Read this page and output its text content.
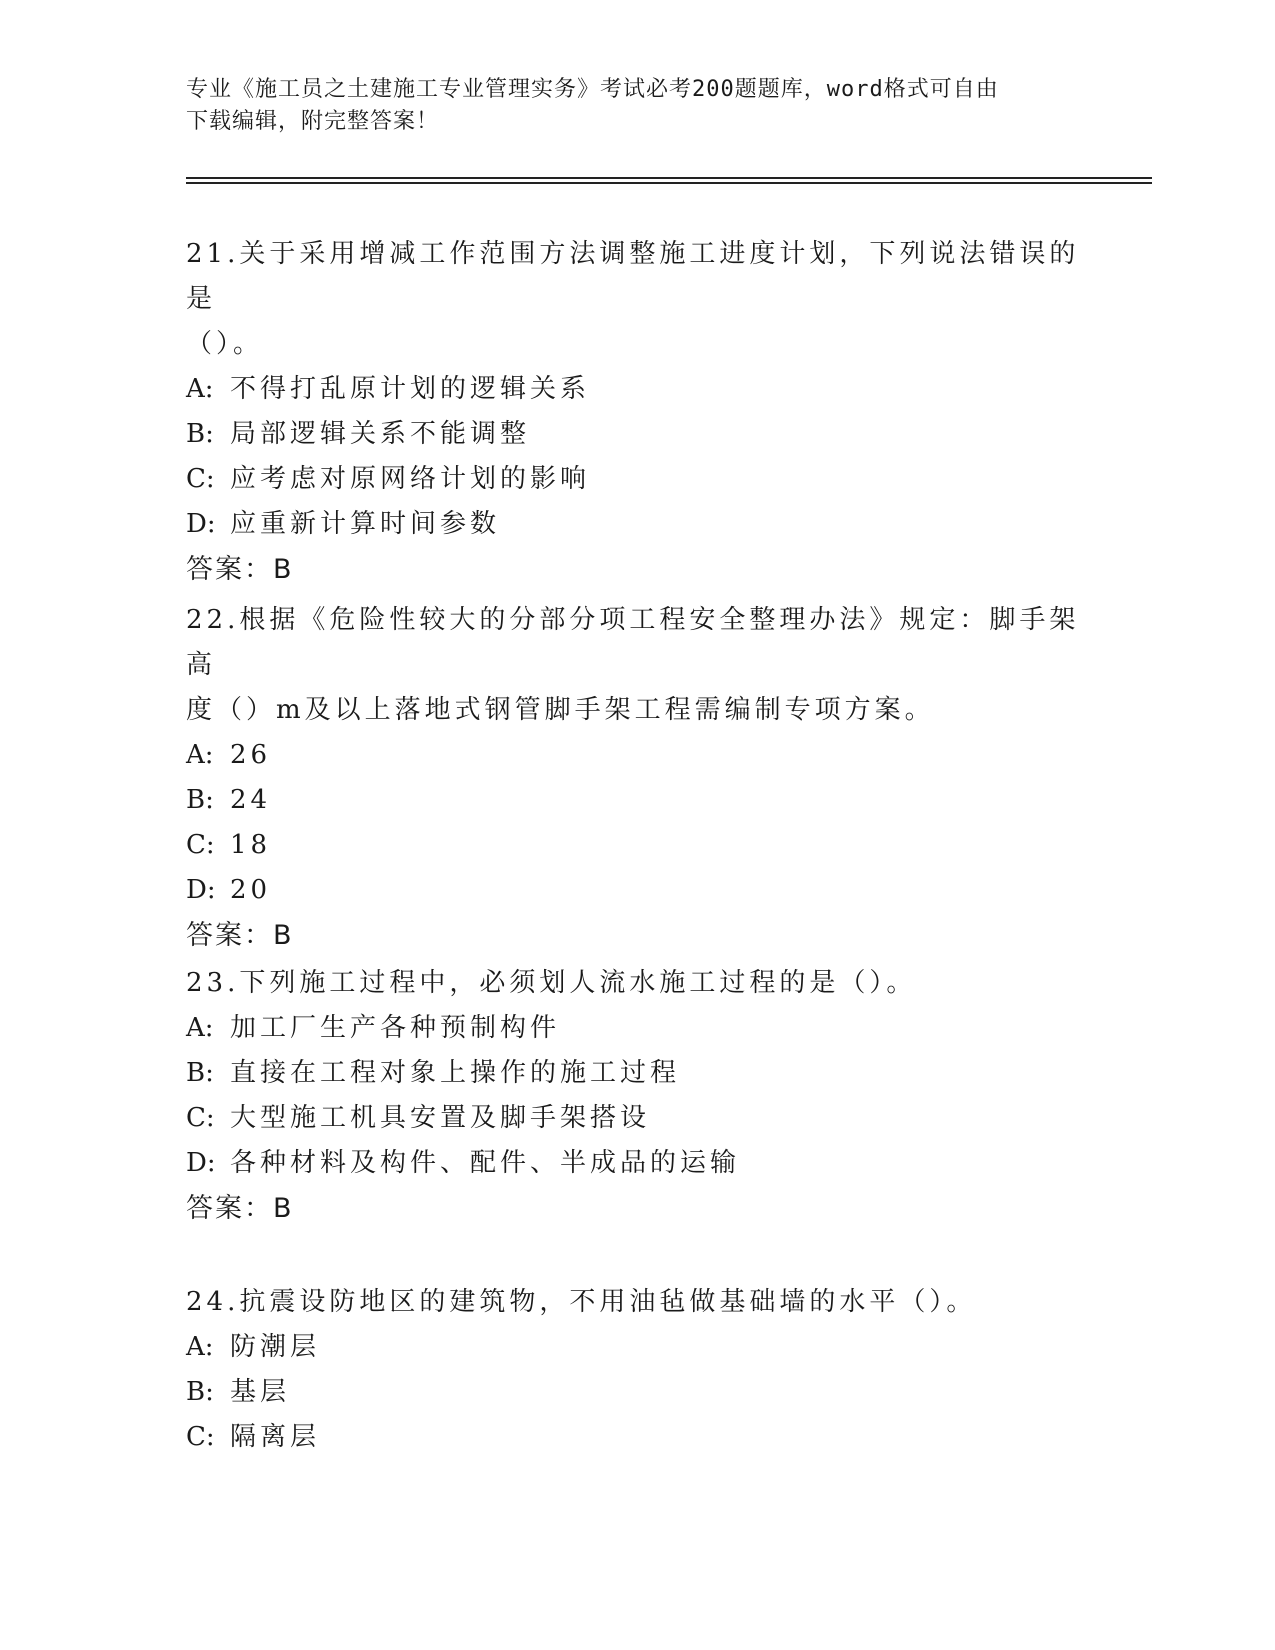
专业《施工员之土建施工专业管理实务》考试必考200题题库，word格式可自由
下载编辑，附完整答案！

21.关于采用增减工作范围方法调整施工进度计划，下列说法错误的是
（）。

A: 不得打乱原计划的逻辑关系

B: 局部逻辑关系不能调整

C: 应考虑对原网络计划的影响

D: 应重新计算时间参数

答案：B

22.根据《危险性较大的分部分项工程安全整理办法》规定：脚手架高
度（）m及以上落地式钢管脚手架工程需编制专项方案。

A: 26

B: 24

C: 18

D: 20

答案：B

23.下列施工过程中，必须划人流水施工过程的是（）。

A: 加工厂生产各种预制构件

B: 直接在工程对象上操作的施工过程

C: 大型施工机具安置及脚手架搭设

D: 各种材料及构件、配件、半成品的运输

答案：B

24.抗震设防地区的建筑物，不用油毡做基础墙的水平（）。

A: 防潮层

B: 基层

C: 隔离层
